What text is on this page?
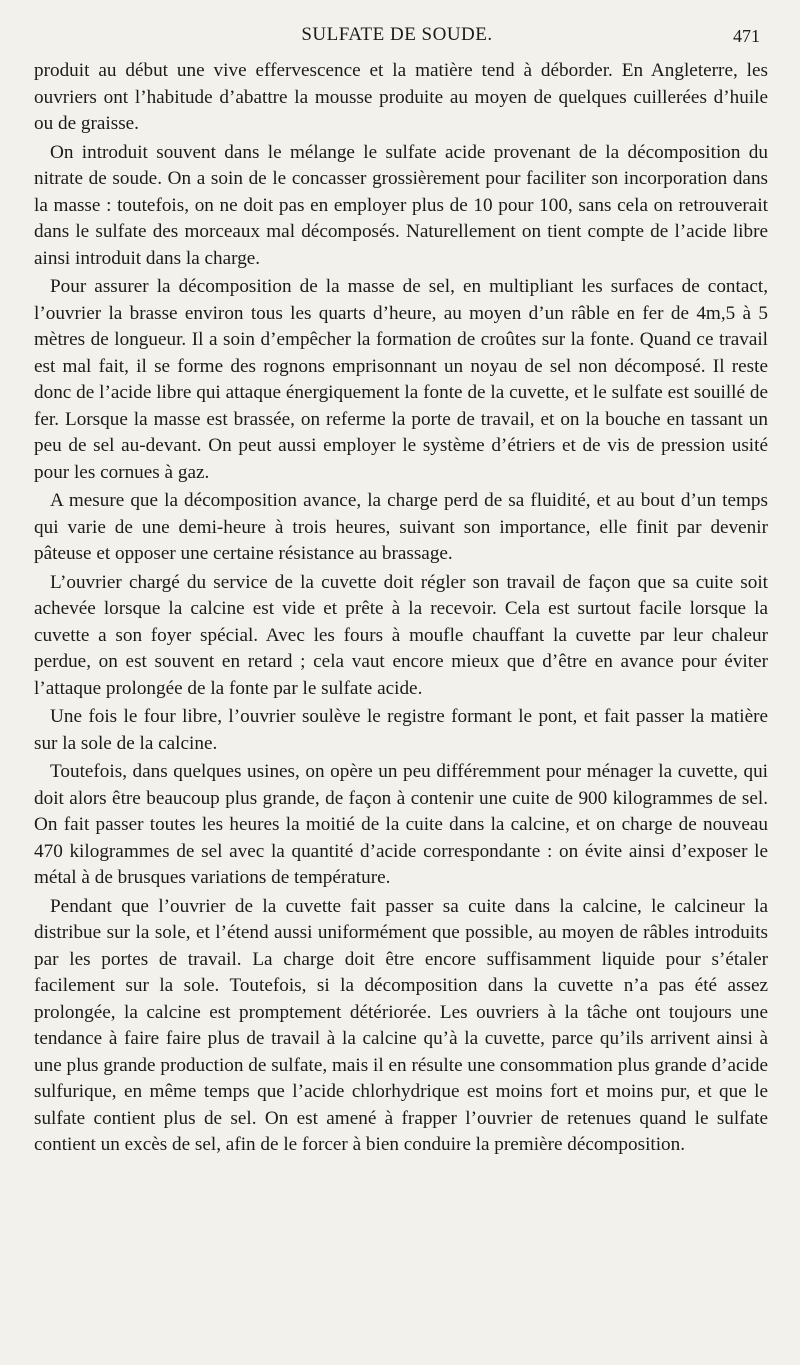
SULFATE DE SOUDE.	471

produit au début une vive effervescence et la matière tend à déborder. En Angleterre, les ouvriers ont l’habitude d’abattre la mousse produite au moyen de quelques cuillerées d’huile ou de graisse.

On introduit souvent dans le mélange le sulfate acide provenant de la décomposition du nitrate de soude. On a soin de le concasser grossièrement pour faciliter son incorporation dans la masse : toutefois, on ne doit pas en employer plus de 10 pour 100, sans cela on retrouverait dans le sulfate des morceaux mal décomposés. Naturellement on tient compte de l’acide libre ainsi introduit dans la charge.

Pour assurer la décomposition de la masse de sel, en multipliant les surfaces de contact, l’ouvrier la brasse environ tous les quarts d’heure, au moyen d’un râble en fer de 4m,5 à 5 mètres de longueur. Il a soin d’empêcher la formation de croûtes sur la fonte. Quand ce travail est mal fait, il se forme des rognons emprisonnant un noyau de sel non décomposé. Il reste donc de l’acide libre qui attaque énergiquement la fonte de la cuvette, et le sulfate est souillé de fer. Lorsque la masse est brassée, on referme la porte de travail, et on la bouche en tassant un peu de sel au-devant. On peut aussi employer le système d’étriers et de vis de pression usité pour les cornues à gaz.

A mesure que la décomposition avance, la charge perd de sa fluidité, et au bout d’un temps qui varie de une demi-heure à trois heures, suivant son importance, elle finit par devenir pâteuse et opposer une certaine résistance au brassage.

L’ouvrier chargé du service de la cuvette doit régler son travail de façon que sa cuite soit achevée lorsque la calcine est vide et prête à la recevoir. Cela est surtout facile lorsque la cuvette a son foyer spécial. Avec les fours à moufle chauffant la cuvette par leur chaleur perdue, on est souvent en retard ; cela vaut encore mieux que d’être en avance pour éviter l’attaque prolongée de la fonte par le sulfate acide.

Une fois le four libre, l’ouvrier soulève le registre formant le pont, et fait passer la matière sur la sole de la calcine.

Toutefois, dans quelques usines, on opère un peu différemment pour ménager la cuvette, qui doit alors être beaucoup plus grande, de façon à contenir une cuite de 900 kilogrammes de sel. On fait passer toutes les heures la moitié de la cuite dans la calcine, et on charge de nouveau 470 kilogrammes de sel avec la quantité d’acide correspondante : on évite ainsi d’exposer le métal à de brusques variations de température.

Pendant que l’ouvrier de la cuvette fait passer sa cuite dans la calcine, le calcineur la distribue sur la sole, et l’étend aussi uniformément que possible, au moyen de râbles introduits par les portes de travail. La charge doit être encore suffisamment liquide pour s’étaler facilement sur la sole. Toutefois, si la décomposition dans la cuvette n’a pas été assez prolongée, la calcine est promptement détériorée. Les ouvriers à la tâche ont toujours une tendance à faire faire plus de travail à la calcine qu’à la cuvette, parce qu’ils arrivent ainsi à une plus grande production de sulfate, mais il en résulte une consommation plus grande d’acide sulfurique, en même temps que l’acide chlorhydrique est moins fort et moins pur, et que le sulfate contient plus de sel. On est amené à frapper l’ouvrier de retenues quand le sulfate contient un excès de sel, afin de le forcer à bien conduire la première décomposition.
